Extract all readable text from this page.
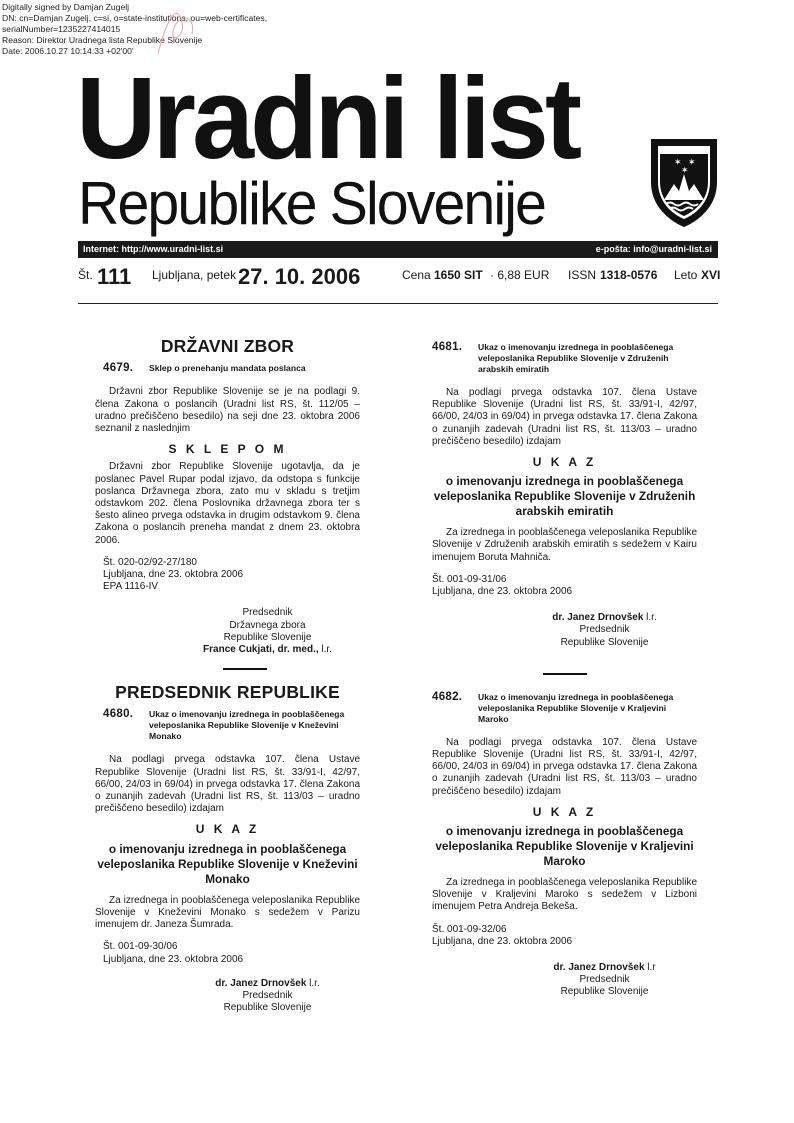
Digitally signed by Damjan Zugelj
DN: cn=Damjan Zugelj, c=si, o=state-institutions, ou=web-certificates,
serialNumber=1235227414015
Reason: Direktor Uradnega lista Republike Slovenije
Date: 2006.10.27 10:14:33 +02'00'
Uradni list
Republike Slovenije
✶ ✶
✶
Internet: http://www.uradni-list.si	e-pošta: info@uradni-list.si
Št. 111 Ljubljana, petek 27. 10. 2006	Cena 1650 SIT · 6,88 EUR ISSN 1318-0576 Leto XVI
DRŽAVNI ZBOR
4679.	Sklep o prenehanju mandata poslanca

Državni zbor Republike Slovenije se je na podlagi 9. člena Zakona o poslancih (Uradni list RS, št. 112/05 – uradno prečiščeno besedilo) na seji dne 23. oktobra 2006 seznanil z naslednjim

S K L E P O M

Državni zbor Republike Slovenije ugotavlja, da je poslanec Pavel Rupar podal izjavo, da odstopa s funkcije poslanca Državnega zbora, zato mu v skladu s tretjim odstavkom 202. člena Poslovnika državnega zbora ter s šesto alineo prvega odstavka in drugim odstavkom 9. člena Zakona o poslancih preneha mandat z dnem 23. oktobra 2006.

Št. 020-02/92-27/180
Ljubljana, dne 23. oktobra 2006
EPA 1116-IV
Predsednik
Državnega zbora
Republike Slovenije
France Cukjati, dr. med., l.r.
PREDSEDNIK REPUBLIKE
4680.	Ukaz o imenovanju izrednega in pooblaščenega veleposlanika Republike Slovenije v Kneževini Monako

Na podlagi prvega odstavka 107. člena Ustave Republike Slovenije (Uradni list RS, št. 33/91-I, 42/97, 66/00, 24/03 in 69/04) in prvega odstavka 17. člena Zakona o zunanjih zadevah (Uradni list RS, št. 113/03 – uradno prečiščeno besedilo) izdajam

U K A Z
o imenovanju izrednega in pooblaščenega veleposlanika Republike Slovenije v Kneževini Monako

Za izrednega in pooblaščenega veleposlanika Republike Slovenije v Kneževini Monako s sedežem v Parizu imenujem dr. Janeza Šumrada.

Št. 001-09-30/06
Ljubljana, dne 23. oktobra 2006
dr. Janez Drnovšek l.r.
Predsednik
Republike Slovenije
4681.	Ukaz o imenovanju izrednega in pooblaščenega veleposlanika Republike Slovenije v Združenih arabskih emiratih

Na podlagi prvega odstavka 107. člena Ustave Republike Slovenije (Uradni list RS, št. 33/91-I, 42/97, 66/00, 24/03 in 69/04) in prvega odstavka 17. člena Zakona o zunanjih zadevah (Uradni list RS, št. 113/03 – uradno prečiščeno besedilo) izdajam

U K A Z
o imenovanju izrednega in pooblaščenega veleposlanika Republike Slovenije v Združenih arabskih emiratih

Za izrednega in pooblaščenega veleposlanika Republike Slovenije v Združenih arabskih emiratih s sedežem v Kairu imenujem Boruta Mahniča.

Št. 001-09-31/06
Ljubljana, dne 23. oktobra 2006
dr. Janez Drnovšek l.r.
Predsednik
Republike Slovenije
4682.	Ukaz o imenovanju izrednega in pooblaščenega veleposlanika Republike Slovenije v Kraljevini Maroko

Na podlagi prvega odstavka 107. člena Ustave Republike Slovenije (Uradni list RS, št. 33/91-I, 42/97, 66/00, 24/03 in 69/04) in prvega odstavka 17. člena Zakona o zunanjih zadevah (Uradni list RS, št. 113/03 – uradno prečiščeno besedilo) izdajam

U K A Z
o imenovanju izrednega in pooblaščenega veleposlanika Republike Slovenije v Kraljevini Maroko

Za izrednega in pooblaščenega veleposlanika Republike Slovenije v Kraljevini Maroko s sedežem v Lizboni imenujem Petra Andreja Bekeša.

Št. 001-09-32/06
Ljubljana, dne 23. oktobra 2006
dr. Janez Drnovšek l.r
Predsednik
Republike Slovenije
